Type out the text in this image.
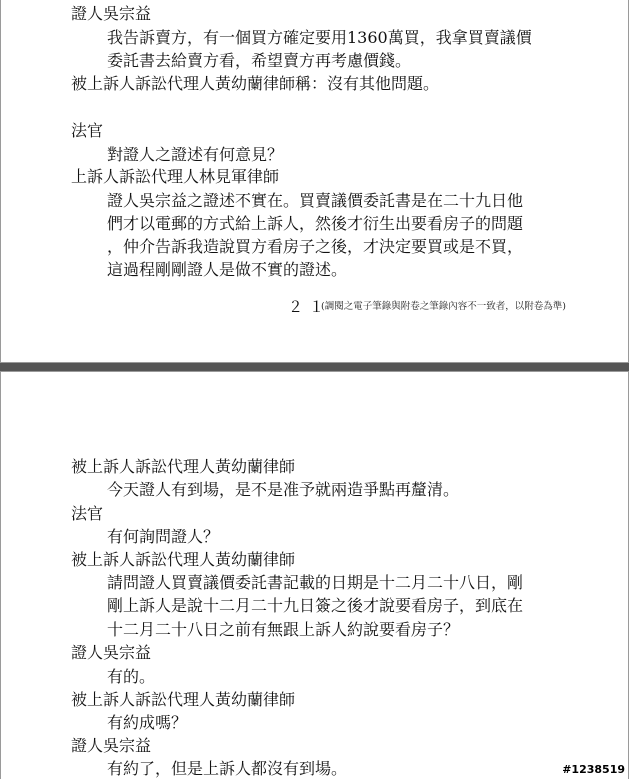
證人吳宗益
我告訴賣方，有一個買方確定要用1360萬買，我拿買賣議價
委託書去給賣方看，希望賣方再考慮價錢。
被上訴人訴訟代理人黃幼蘭律師稱：沒有其他問題。
法官
對證人之證述有何意見？
上訴人訴訟代理人林見軍律師
證人吳宗益之證述不實在。買賣議價委託書是在二十九日他
們才以電郵的方式給上訴人，然後才衍生出要看房子的問題
，仲介告訴我造說買方看房子之後，才決定要買或是不買，
這過程剛剛證人是做不實的證述。
２１
(調閱之電子筆錄與附卷之筆錄內容不一致者，以附卷為準)
被上訴人訴訟代理人黃幼蘭律師
今天證人有到場，是不是准予就兩造爭點再釐清。
法官
有何詢問證人？
被上訴人訴訟代理人黃幼蘭律師
請問證人買賣議價委託書記載的日期是十二月二十八日，剛
剛上訴人是說十二月二十九日簽之後才說要看房子，到底在
十二月二十八日之前有無跟上訴人約說要看房子？
證人吳宗益
有的。
被上訴人訴訟代理人黃幼蘭律師
有約成嗎？
證人吳宗益
有約了，但是上訴人都沒有到場。	#1238519
